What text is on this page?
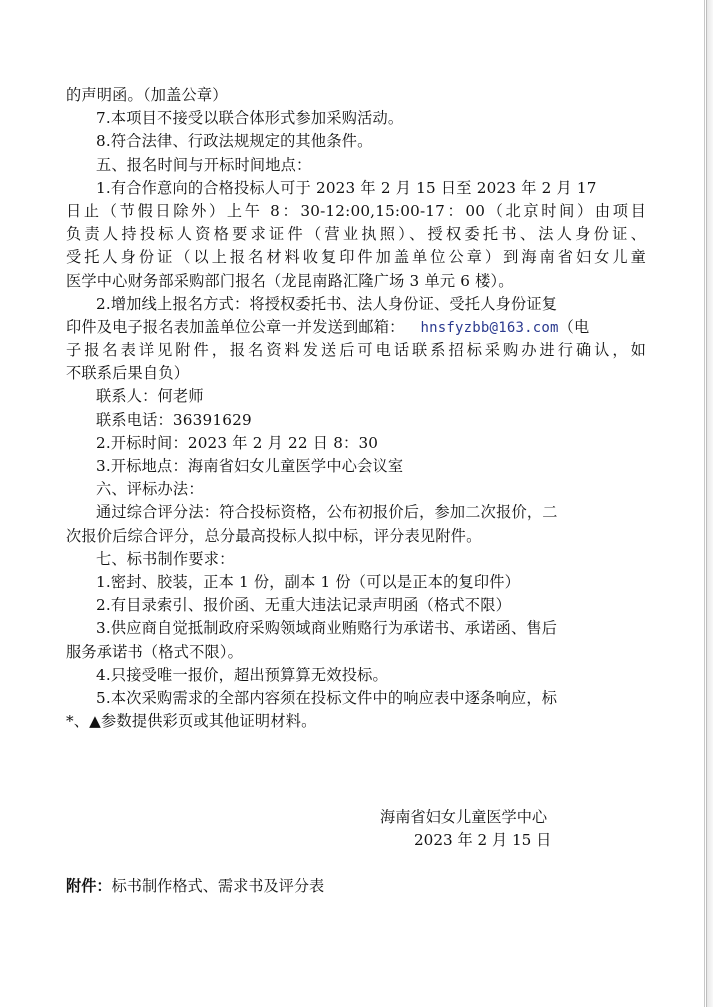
的声明函。（加盖公章）
7.本项目不接受以联合体形式参加采购活动。
8.符合法律、行政法规规定的其他条件。
五、报名时间与开标时间地点：
1.有合作意向的合格投标人可于 2023 年 2 月 15 日至 2023 年 2 月 17
日止（节假日除外）上午 8：30-12:00,15:00-17：00（北京时间）由项目
负责人持投标人资格要求证件（营业执照）、授权委托书、法人身份证、
受托人身份证（以上报名材料收复印件加盖单位公章）到海南省妇女儿童
医学中心财务部采购部门报名（龙昆南路汇隆广场 3 单元 6 楼）。
2.增加线上报名方式：将授权委托书、法人身份证、受托人身份证复
印件及电子报名表加盖单位公章一并发送到邮箱： hnsfyzbb@163.com（电
子报名表详见附件，报名资料发送后可电话联系招标采购办进行确认，如
不联系后果自负）
联系人：何老师
联系电话：36391629
2.开标时间：2023 年 2 月 22 日 8：30
3.开标地点：海南省妇女儿童医学中心会议室
六、评标办法：
通过综合评分法：符合投标资格，公布初报价后，参加二次报价，二
次报价后综合评分，总分最高投标人拟中标，评分表见附件。
七、标书制作要求：
1.密封、胶装，正本 1 份，副本 1 份（可以是正本的复印件）
2.有目录索引、报价函、无重大违法记录声明函（格式不限）
3.供应商自觉抵制政府采购领域商业贿赂行为承诺书、承诺函、售后
服务承诺书（格式不限）。
4.只接受唯一报价，超出预算算无效投标。
5.本次采购需求的全部内容须在投标文件中的响应表中逐条响应，标
*、▲参数提供彩页或其他证明材料。
海南省妇女儿童医学中心
2023 年 2 月 15 日
附件：标书制作格式、需求书及评分表
